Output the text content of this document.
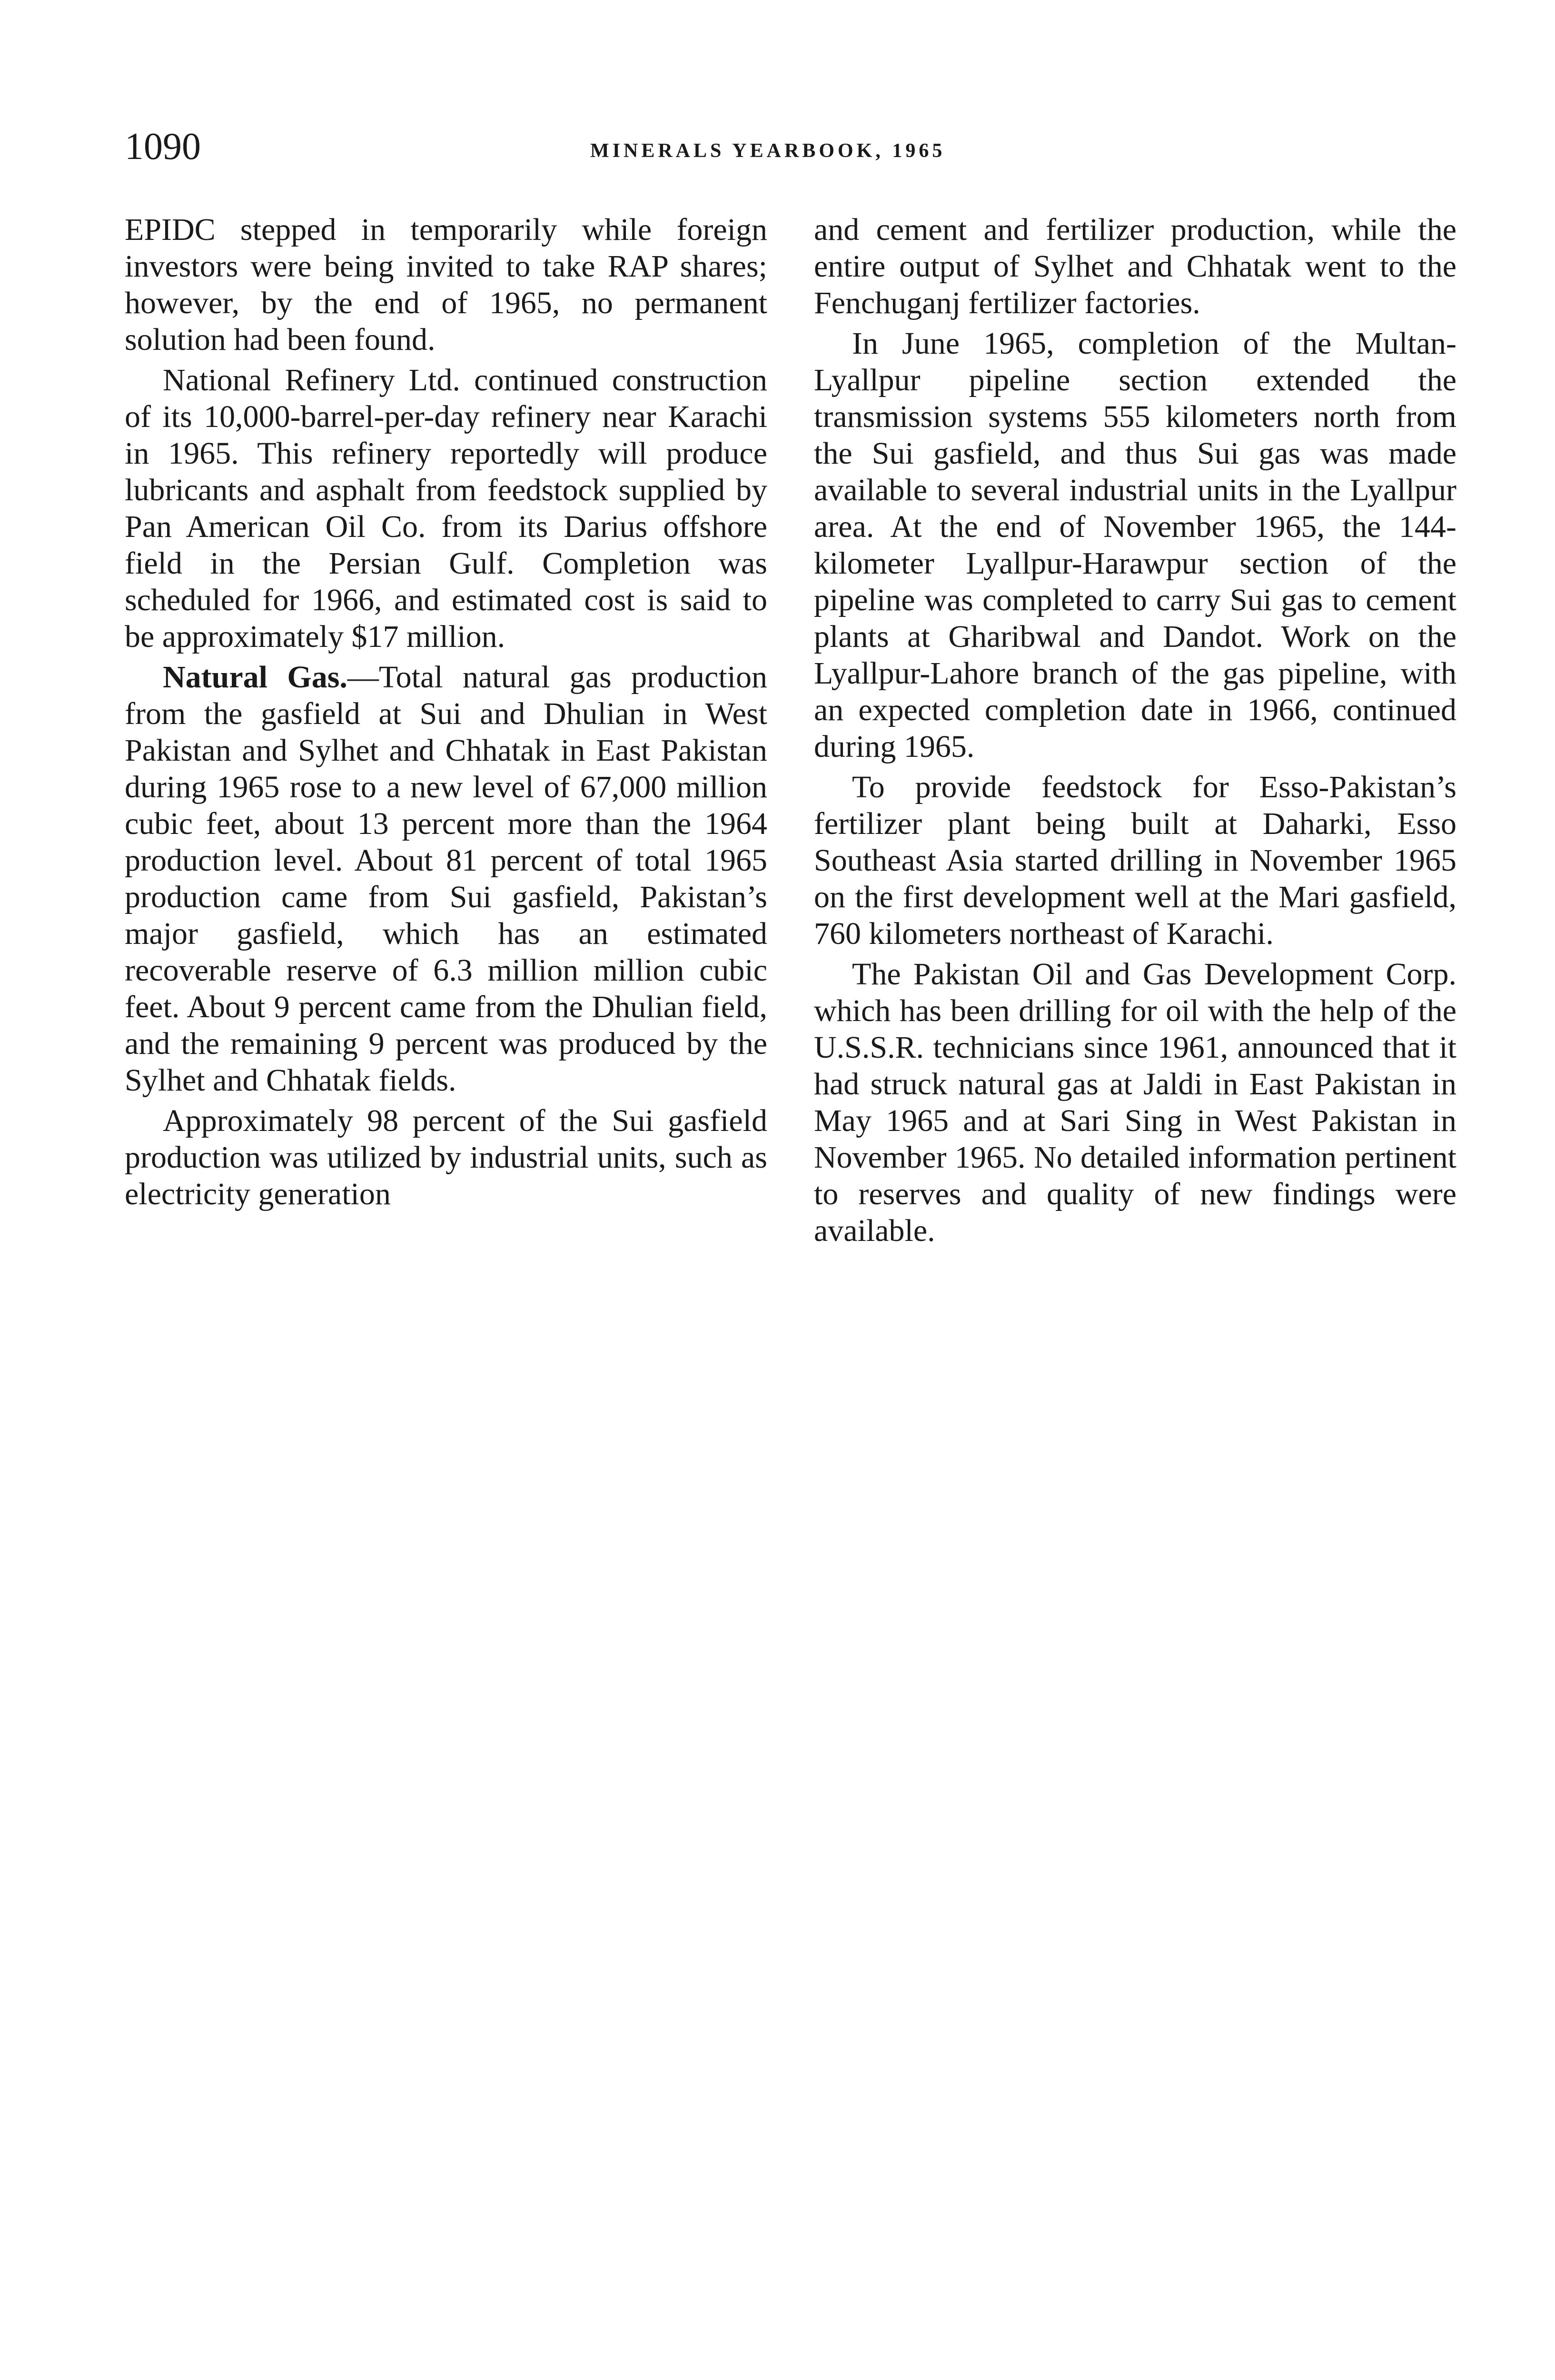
1090	MINERALS YEARBOOK, 1965

EPIDC stepped in temporarily while foreign investors were being invited to take RAP shares; however, by the end of 1965, no permanent solution had been found.

National Refinery Ltd. continued construction of its 10,000-barrel-per-day refinery near Karachi in 1965. This refinery reportedly will produce lubricants and asphalt from feedstock supplied by Pan American Oil Co. from its Darius offshore field in the Persian Gulf. Completion was scheduled for 1966, and estimated cost is said to be approximately $17 million.

Natural Gas.—Total natural gas production from the gasfield at Sui and Dhulian in West Pakistan and Sylhet and Chhatak in East Pakistan during 1965 rose to a new level of 67,000 million cubic feet, about 13 percent more than the 1964 production level. About 81 percent of total 1965 production came from Sui gasfield, Pakistan’s major gasfield, which has an estimated recoverable reserve of 6.3 million million cubic feet. About 9 percent came from the Dhulian field, and the remaining 9 percent was produced by the Sylhet and Chhatak fields.

Approximately 98 percent of the Sui gasfield production was utilized by industrial units, such as electricity generation

and cement and fertilizer production, while the entire output of Sylhet and Chhatak went to the Fenchuganj fertilizer factories.

In June 1965, completion of the Multan-Lyallpur pipeline section extended the transmission systems 555 kilometers north from the Sui gasfield, and thus Sui gas was made available to several industrial units in the Lyallpur area. At the end of November 1965, the 144-kilometer Lyallpur-Harawpur section of the pipeline was completed to carry Sui gas to cement plants at Gharibwal and Dandot. Work on the Lyallpur-Lahore branch of the gas pipeline, with an expected completion date in 1966, continued during 1965.

To provide feedstock for Esso-Pakistan’s fertilizer plant being built at Daharki, Esso Southeast Asia started drilling in November 1965 on the first development well at the Mari gasfield, 760 kilometers northeast of Karachi.

The Pakistan Oil and Gas Development Corp. which has been drilling for oil with the help of the U.S.S.R. technicians since 1961, announced that it had struck natural gas at Jaldi in East Pakistan in May 1965 and at Sari Sing in West Pakistan in November 1965. No detailed information pertinent to reserves and quality of new findings were available.
